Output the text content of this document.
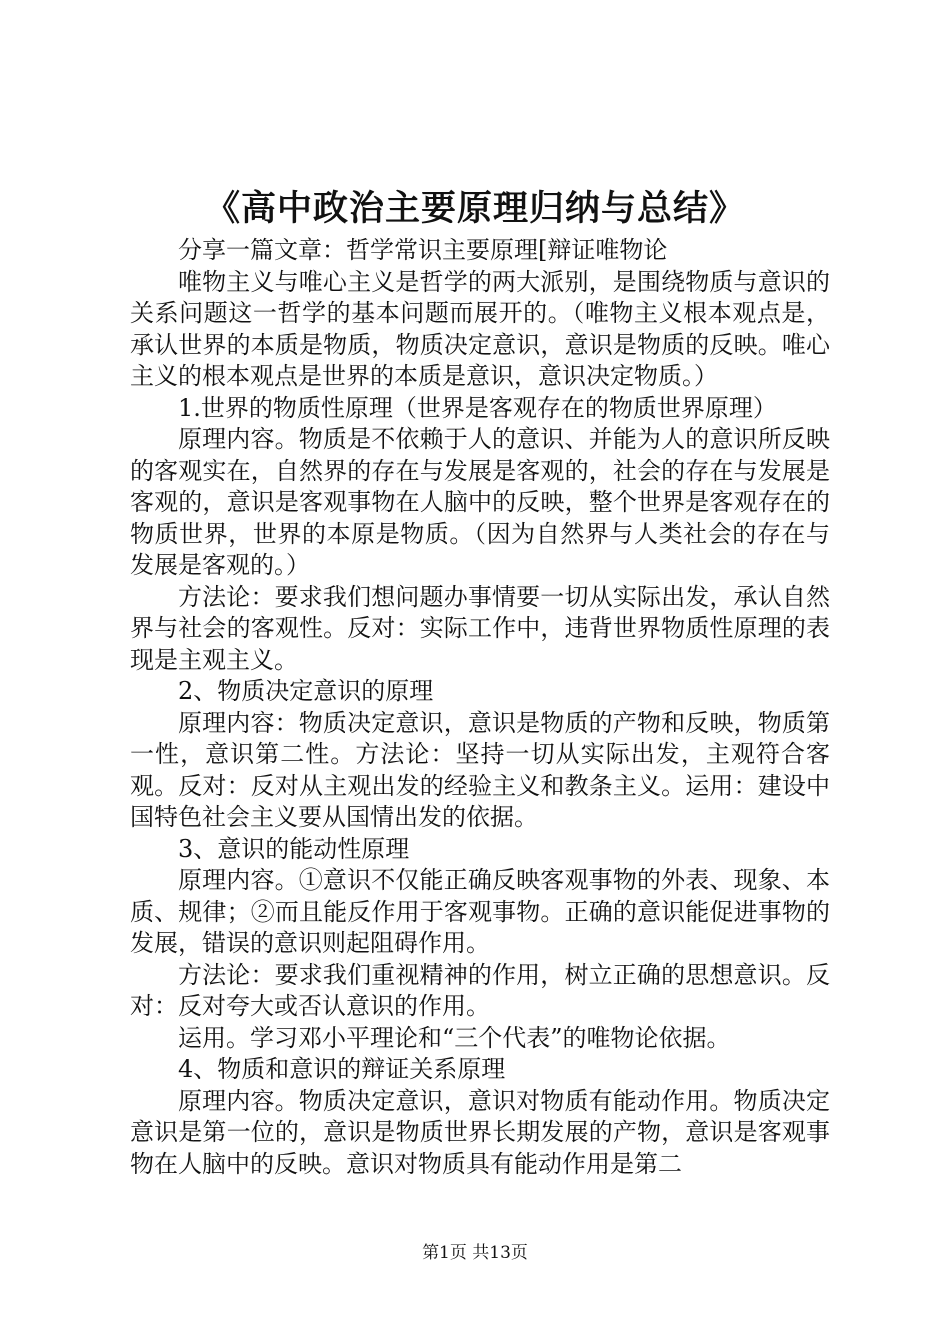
《高中政治主要原理归纳与总结》

分享一篇文章：哲学常识主要原理[辩证唯物论

唯物主义与唯心主义是哲学的两大派别，是围绕物质与意识的关系问题这一哲学的基本问题而展开的。（唯物主义根本观点是，承认世界的本质是物质，物质决定意识，意识是物质的反映。唯心主义的根本观点是世界的本质是意识，意识决定物质。）

1.世界的物质性原理（世界是客观存在的物质世界原理）

原理内容。物质是不依赖于人的意识、并能为人的意识所反映的客观实在，自然界的存在与发展是客观的，社会的存在与发展是客观的，意识是客观事物在人脑中的反映，整个世界是客观存在的物质世界，世界的本原是物质。（因为自然界与人类社会的存在与发展是客观的。）

方法论：要求我们想问题办事情要一切从实际出发，承认自然界与社会的客观性。反对：实际工作中，违背世界物质性原理的表现是主观主义。

2、物质决定意识的原理

原理内容：物质决定意识，意识是物质的产物和反映，物质第一性，意识第二性。方法论：坚持一切从实际出发，主观符合客观。反对：反对从主观出发的经验主义和教条主义。运用：建设中国特色社会主义要从国情出发的依据。

3、意识的能动性原理

原理内容。①意识不仅能正确反映客观事物的外表、现象、本质、规律；②而且能反作用于客观事物。正确的意识能促进事物的发展，错误的意识则起阻碍作用。

方法论：要求我们重视精神的作用，树立正确的思想意识。反对：反对夸大或否认意识的作用。

运用。学习邓小平理论和“三个代表”的唯物论依据。

4、物质和意识的辩证关系原理

原理内容。物质决定意识，意识对物质有能动作用。物质决定意识是第一位的，意识是物质世界长期发展的产物，意识是客观事物在人脑中的反映。意识对物质具有能动作用是第二

第1页 共13页
